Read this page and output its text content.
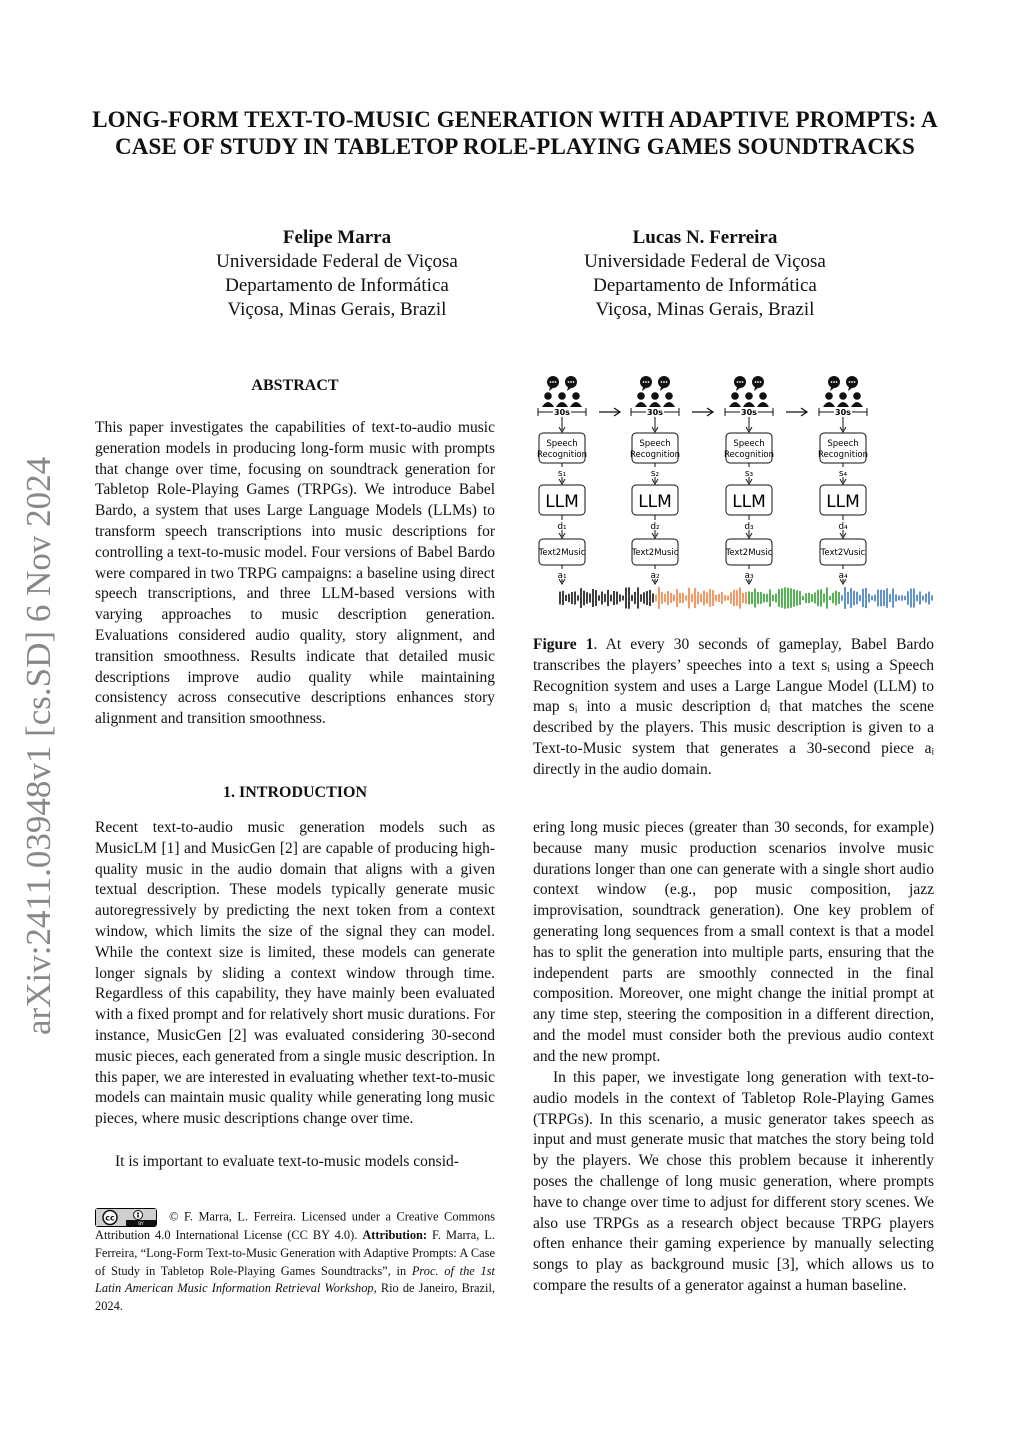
arXiv:2411.03948v1 [cs.SD] 6 Nov 2024
LONG-FORM TEXT-TO-MUSIC GENERATION WITH ADAPTIVE PROMPTS: A CASE OF STUDY IN TABLETOP ROLE-PLAYING GAMES SOUNDTRACKS
Felipe Marra
Universidade Federal de Viçosa
Departamento de Informática
Viçosa, Minas Gerais, Brazil
Lucas N. Ferreira
Universidade Federal de Viçosa
Departamento de Informática
Viçosa, Minas Gerais, Brazil
ABSTRACT
This paper investigates the capabilities of text-to-audio music generation models in producing long-form music with prompts that change over time, focusing on soundtrack generation for Tabletop Role-Playing Games (TRPGs). We introduce Babel Bardo, a system that uses Large Language Models (LLMs) to transform speech transcriptions into music descriptions for controlling a text-to-music model. Four versions of Babel Bardo were compared in two TRPG campaigns: a baseline using direct speech transcriptions, and three LLM-based versions with varying approaches to music description generation. Evaluations considered audio quality, story alignment, and transition smoothness. Results indicate that detailed music descriptions improve audio quality while maintaining consistency across consecutive descriptions enhances story alignment and transition smoothness.
1. INTRODUCTION
Recent text-to-audio music generation models such as MusicLM [1] and MusicGen [2] are capable of producing high-quality music in the audio domain that aligns with a given textual description. These models typically generate music autoregressively by predicting the next token from a context window, which limits the size of the signal they can model. While the context size is limited, these models can generate longer signals by sliding a context window through time. Regardless of this capability, they have mainly been evaluated with a fixed prompt and for relatively short music durations. For instance, MusicGen [2] was evaluated considering 30-second music pieces, each generated from a single music description. In this paper, we are interested in evaluating whether text-to-music models can maintain music quality while generating long music pieces, where music descriptions change over time.
It is important to evaluate text-to-music models consid-
ering long music pieces (greater than 30 seconds, for example) because many music production scenarios involve music durations longer than one can generate with a single short audio context window (e.g., pop music composition, jazz improvisation, soundtrack generation). One key problem of generating long sequences from a small context is that a model has to split the generation into multiple parts, ensuring that the independent parts are smoothly connected in the final composition. Moreover, one might change the initial prompt at any time step, steering the composition in a different direction, and the model must consider both the previous audio context and the new prompt.
In this paper, we investigate long generation with text-to-audio models in the context of Tabletop Role-Playing Games (TRPGs). In this scenario, a music generator takes speech as input and must generate music that matches the story being told by the players. We chose this problem because it inherently poses the challenge of long music generation, where prompts have to change over time to adjust for different story scenes. We also use TRPGs as a research object because TRPG players often enhance their gaming experience by manually selecting songs to play as background music [3], which allows us to compare the results of a generator against a human baseline.
30s
Speech
Recognition
s₁
LLM
d₁
Text2Music
a₁
30s
Speech
Recognition
s₂
LLM
d₂
Text2Music
a₂
30s
Speech
Recognition
s₃
LLM
d₃
Text2Music
a₃
30s
Speech
Recognition
s₄
LLM
d₄
Text2Vusic
a₄
Figure 1. At every 30 seconds of gameplay, Babel Bardo transcribes the players’ speeches into a text sᵢ using a Speech Recognition system and uses a Large Langue Model (LLM) to map sᵢ into a music description dᵢ that matches the scene described by the players. This music description is given to a Text-to-Music system that generates a 30-second piece aᵢ directly in the audio domain.
cc
BY
© F. Marra, L. Ferreira. Licensed under a Creative Commons Attribution 4.0 International License (CC BY 4.0). Attribution: F. Marra, L. Ferreira, “Long-Form Text-to-Music Generation with Adaptive Prompts: A Case of Study in Tabletop Role-Playing Games Soundtracks”, in Proc. of the 1st Latin American Music Information Retrieval Workshop, Rio de Janeiro, Brazil, 2024.
